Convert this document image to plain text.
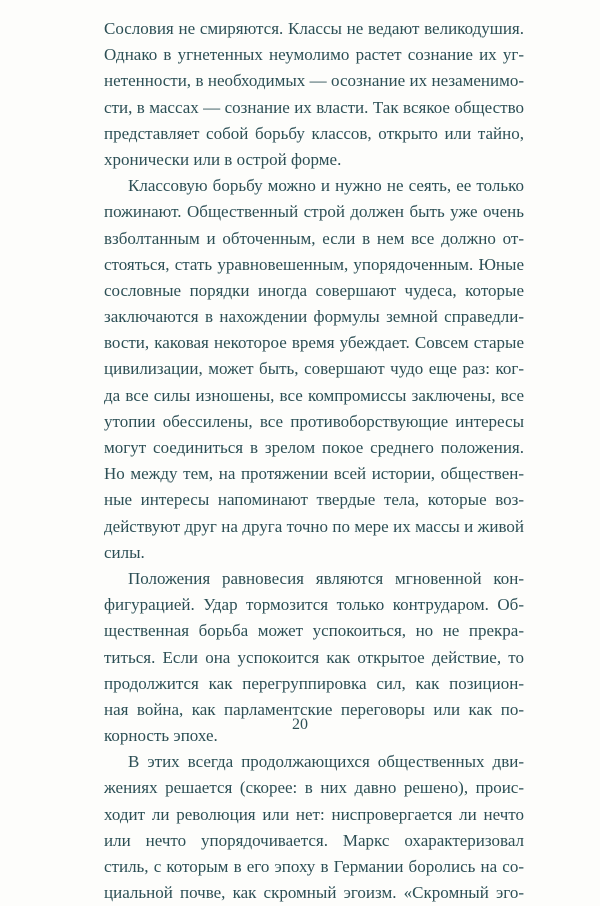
Сословия не смиряются. Классы не ведают великодушия.
Однако в угнетенных неумолимо растет сознание их уг-
нетенности, в необходимых — осознание их незаменимо-
сти, в массах — сознание их власти. Так всякое общество
представляет собой борьбу классов, открыто или тайно,
хронически или в острой форме.
Классовую борьбу можно и нужно не сеять, ее только
пожинают. Общественный строй должен быть уже очень
взболтанным и обточенным, если в нем все должно от-
стояться, стать уравновешенным, упорядоченным. Юные
сословные порядки иногда совершают чудеса, которые
заключаются в нахождении формулы земной справедли-
вости, каковая некоторое время убеждает. Совсем старые
цивилизации, может быть, совершают чудо еще раз: ког-
да все силы изношены, все компромиссы заключены, все
утопии обессилены, все противоборствующие интересы
могут соединиться в зрелом покое среднего положения.
Но между тем, на протяжении всей истории, обществен-
ные интересы напоминают твердые тела, которые воз-
действуют друг на друга точно по мере их массы и живой
силы.
Положения равновесия являются мгновенной кон-
фигурацией. Удар тормозится только контрударом. Об-
щественная борьба может успокоиться, но не прекра-
титься. Если она успокоится как открытое действие, то
продолжится как перегруппировка сил, как позицион-
ная война, как парламентские переговоры или как по-
корность эпохе.
В этих всегда продолжающихся общественных дви-
жениях решается (скорее: в них давно решено), проис-
ходит ли революция или нет: ниспровергается ли нечто
или нечто упорядочивается. Маркс охарактеризовал
стиль, с которым в его эпоху в Германии боролись на со-
циальной почве, как скромный эгоизм. «Скромный эго-
20
